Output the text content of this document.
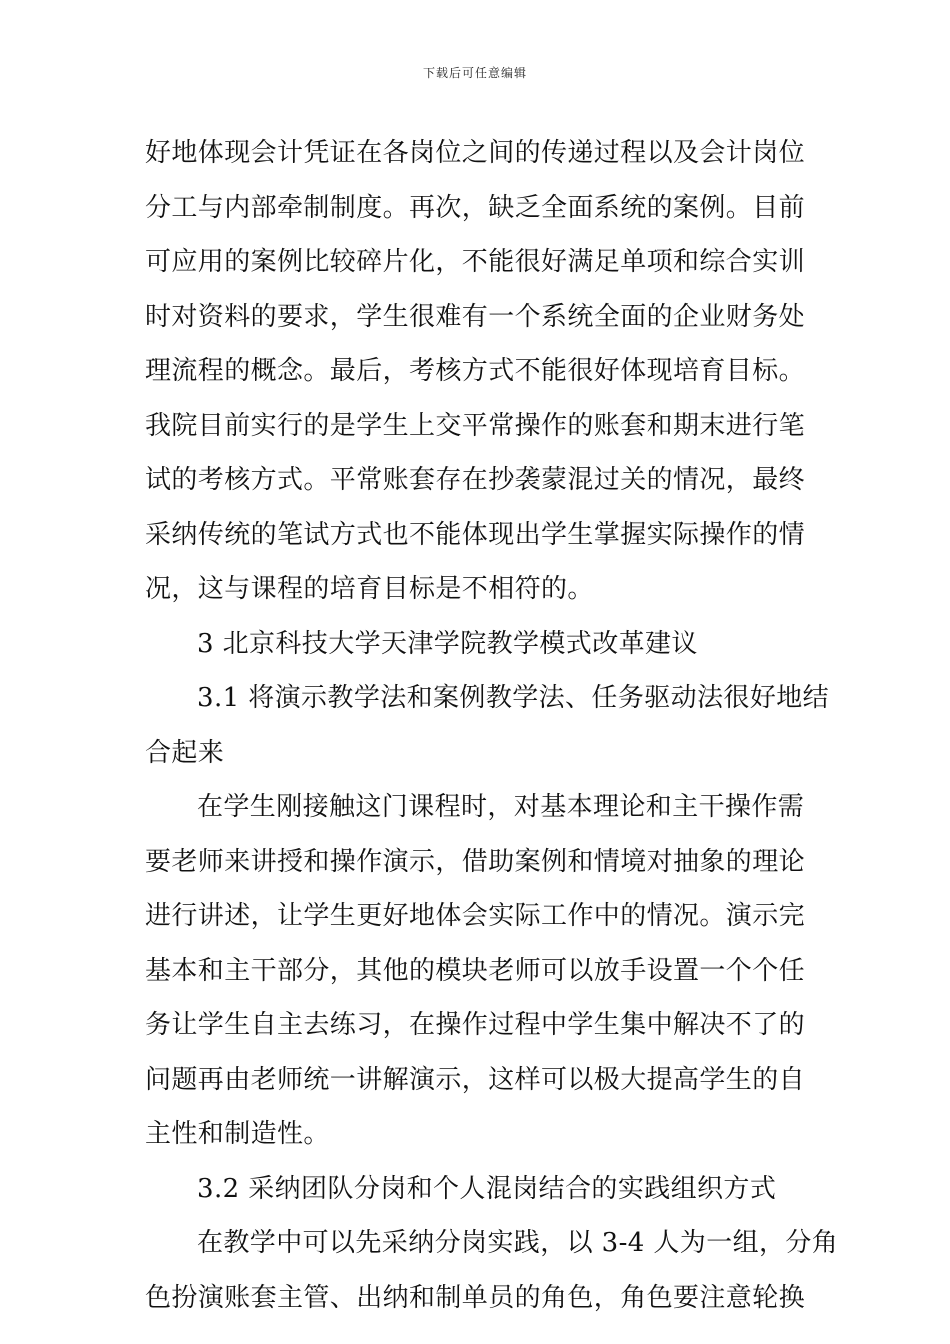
下载后可任意编辑
好地体现会计凭证在各岗位之间的传递过程以及会计岗位
分工与内部牵制制度。再次，缺乏全面系统的案例。目前
可应用的案例比较碎片化，不能很好满足单项和综合实训
时对资料的要求，学生很难有一个系统全面的企业财务处
理流程的概念。最后，考核方式不能很好体现培育目标。
我院目前实行的是学生上交平常操作的账套和期末进行笔
试的考核方式。平常账套存在抄袭蒙混过关的情况，最终
采纳传统的笔试方式也不能体现出学生掌握实际操作的情
况，这与课程的培育目标是不相符的。
3 北京科技大学天津学院教学模式改革建议
3.1 将演示教学法和案例教学法、任务驱动法很好地结
合起来
在学生刚接触这门课程时，对基本理论和主干操作需
要老师来讲授和操作演示，借助案例和情境对抽象的理论
进行讲述，让学生更好地体会实际工作中的情况。演示完
基本和主干部分，其他的模块老师可以放手设置一个个任
务让学生自主去练习，在操作过程中学生集中解决不了的
问题再由老师统一讲解演示，这样可以极大提高学生的自
主性和制造性。
3.2 采纳团队分岗和个人混岗结合的实践组织方式
在教学中可以先采纳分岗实践，以 3-4 人为一组，分角
色扮演账套主管、出纳和制单员的角色，角色要注意轮换
